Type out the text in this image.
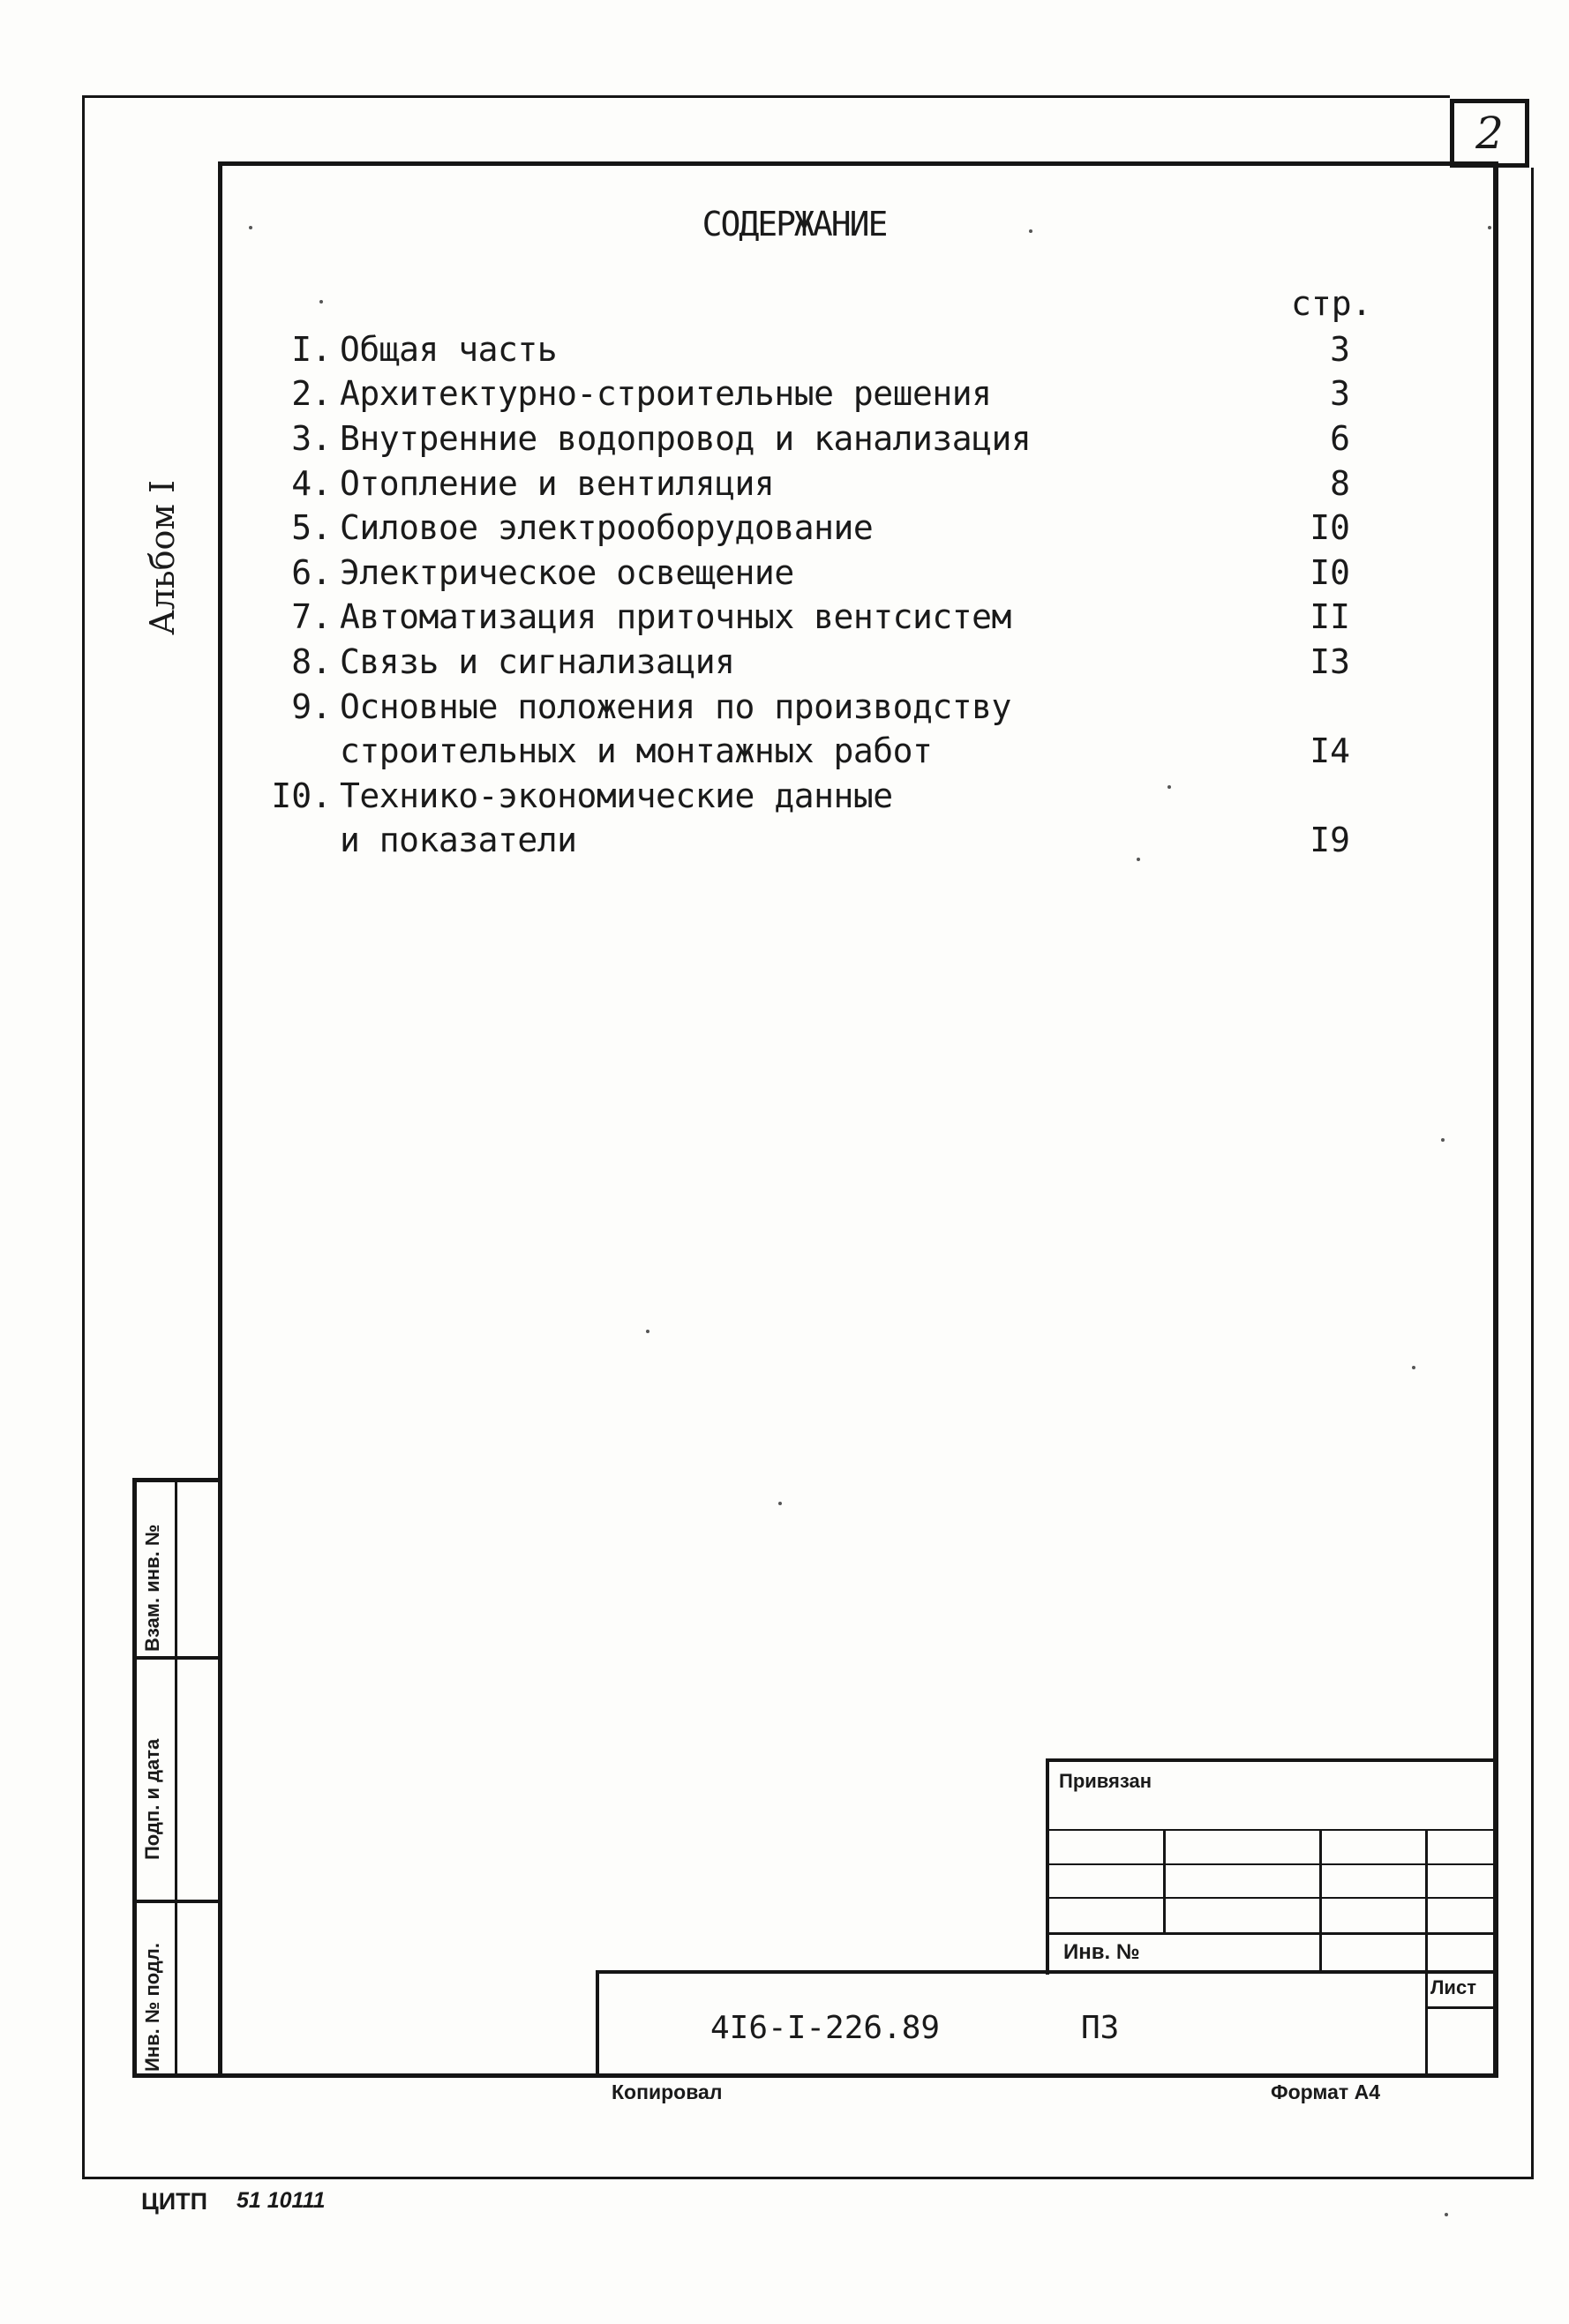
2
СОДЕРЖАНИЕ
стр.
I. Общая часть	3
2. Архитектурно-строительные решения	3
3. Внутренние водопровод и канализация	6
4. Отопление и вентиляция	8
5. Силовое электрооборудование	I0
6. Электрическое освещение	I0
7. Автоматизация приточных вентсистем	II
8. Связь и сигнализация	I3
9. Основные положения по производству
строительных и монтажных работ	I4
I0. Технико-экономические данные
и показатели	I9
Альбом I
Взам. инв. №
Подп. и дата
Инв. № подл.
Привязан
Инв. №
Лист
4I6-I-226.89	ПЗ
Копировал	Формат А4
ЦИТП 51 10111
